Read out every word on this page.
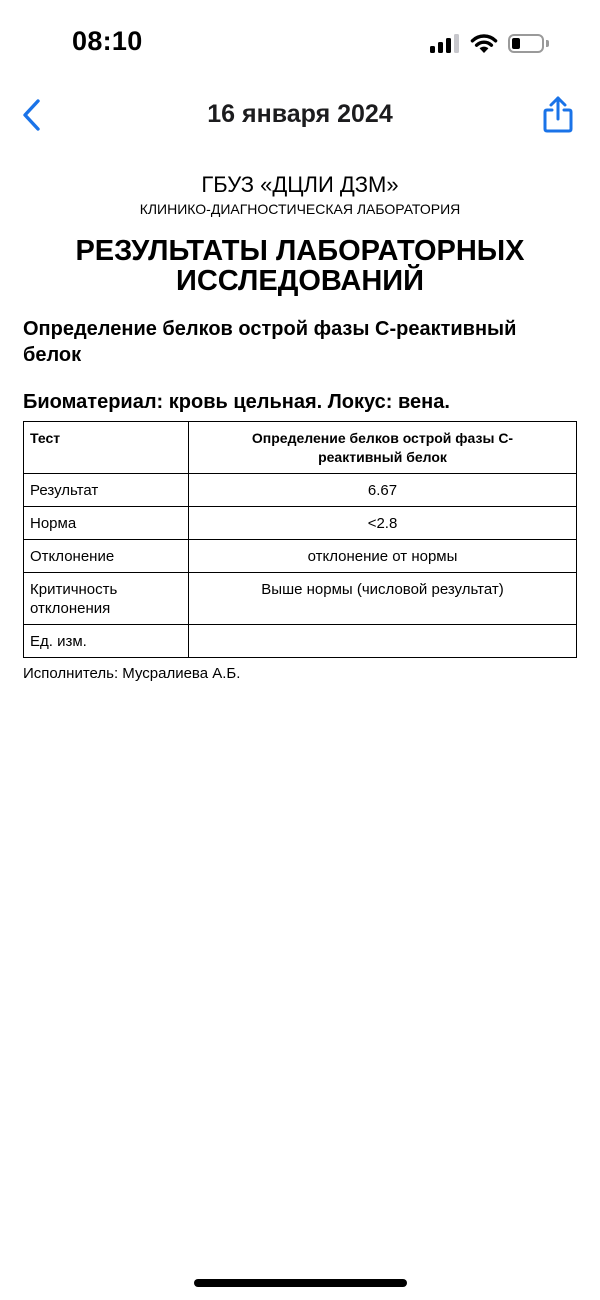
08:10
16 января 2024

ГБУЗ «ДЦЛИ ДЗМ»

КЛИНИКО-ДИАГНОСТИЧЕСКАЯ ЛАБОРАТОРИЯ

РЕЗУЛЬТАТЫ ЛАБОРАТОРНЫХ
ИССЛЕДОВАНИЙ

Определение белков острой фазы С-реактивный белок

Биоматериал: кровь цельная. Локус: вена.

Тест	Определение белков острой фазы С-реактивный белок
Результат	6.67
Норма	<2.8
Отклонение	отклонение от нормы
Критичность отклонения	Выше нормы (числовой результат)
Ед. изм.	

Исполнитель: Мусралиева А.Б.
